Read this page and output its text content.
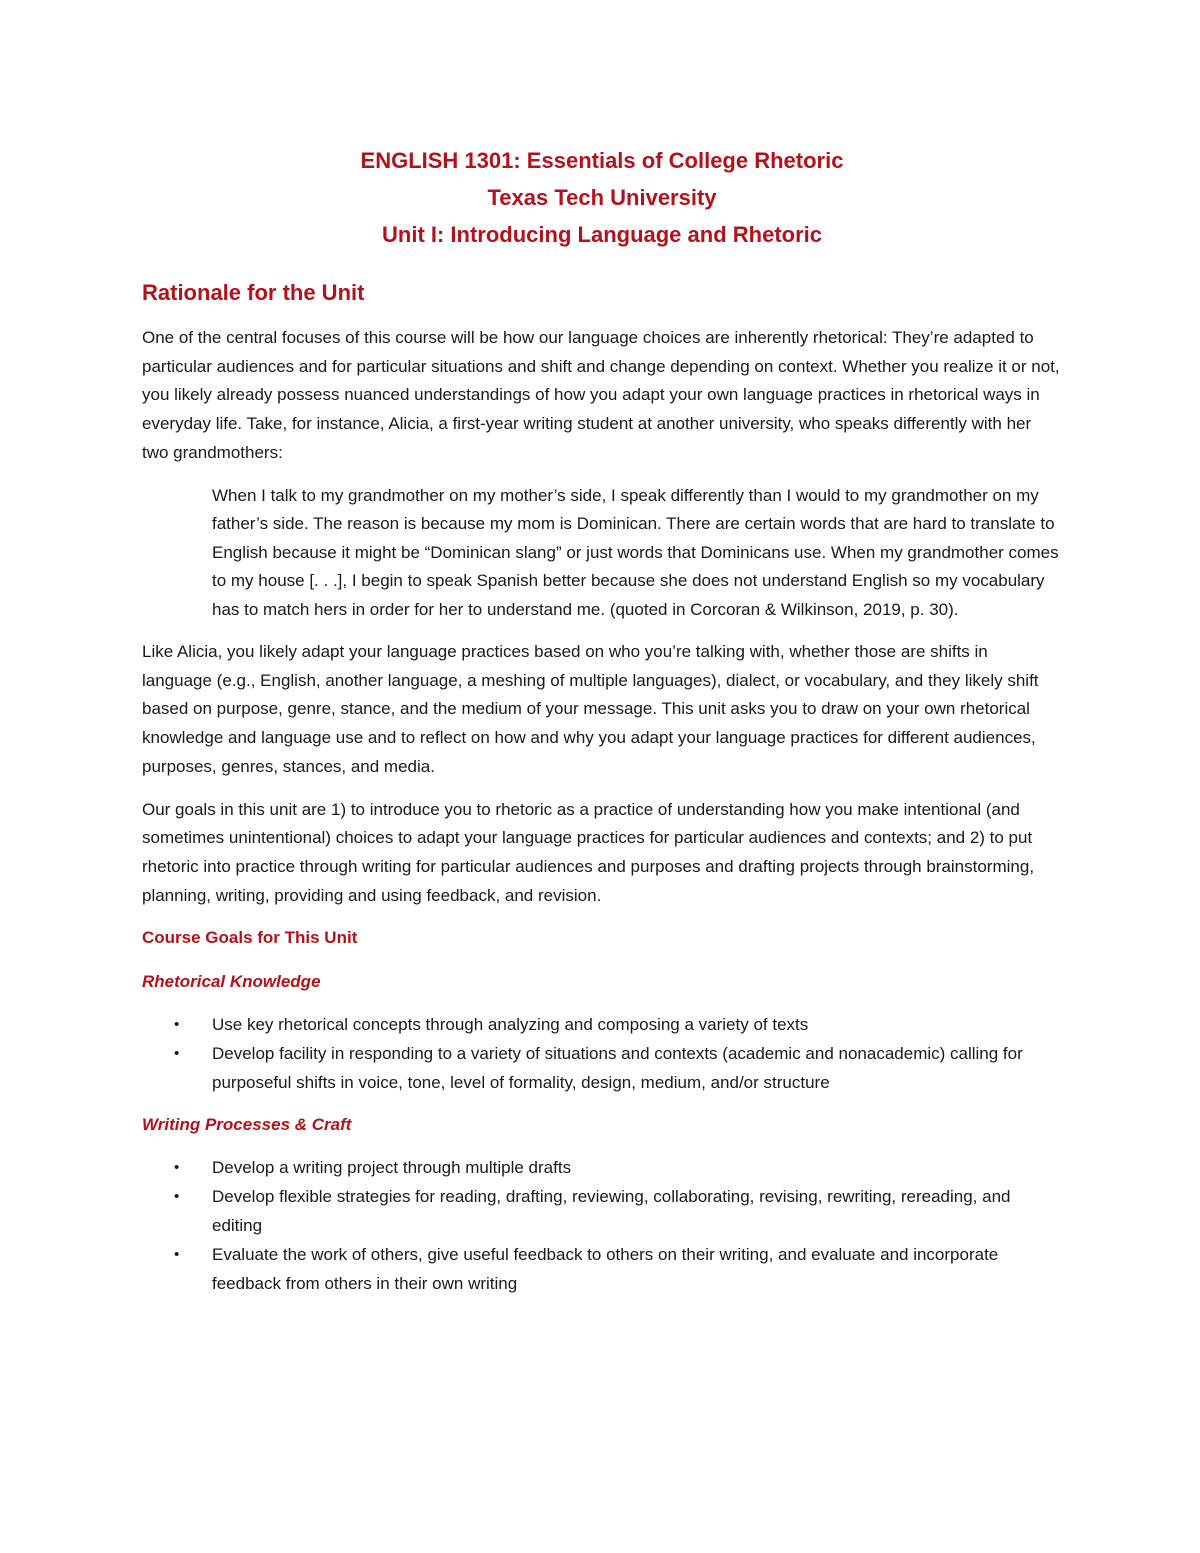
ENGLISH 1301: Essentials of College Rhetoric
Texas Tech University
Unit I: Introducing Language and Rhetoric
Rationale for the Unit

One of the central focuses of this course will be how our language choices are inherently rhetorical: They’re adapted to particular audiences and for particular situations and shift and change depending on context. Whether you realize it or not, you likely already possess nuanced understandings of how you adapt your own language practices in rhetorical ways in everyday life. Take, for instance, Alicia, a first-year writing student at another university, who speaks differently with her two grandmothers:

When I talk to my grandmother on my mother’s side, I speak differently than I would to my grandmother on my father’s side. The reason is because my mom is Dominican. There are certain words that are hard to translate to English because it might be “Dominican slang” or just words that Dominicans use. When my grandmother comes to my house [. . .], I begin to speak Spanish better because she does not understand English so my vocabulary has to match hers in order for her to understand me. (quoted in Corcoran & Wilkinson, 2019, p. 30).

Like Alicia, you likely adapt your language practices based on who you’re talking with, whether those are shifts in language (e.g., English, another language, a meshing of multiple languages), dialect, or vocabulary, and they likely shift based on purpose, genre, stance, and the medium of your message. This unit asks you to draw on your own rhetorical knowledge and language use and to reflect on how and why you adapt your language practices for different audiences, purposes, genres, stances, and media.

Our goals in this unit are 1) to introduce you to rhetoric as a practice of understanding how you make intentional (and sometimes unintentional) choices to adapt your language practices for particular audiences and contexts; and 2) to put rhetoric into practice through writing for particular audiences and purposes and drafting projects through brainstorming, planning, writing, providing and using feedback, and revision.

Course Goals for This Unit
Rhetorical Knowledge
• Use key rhetorical concepts through analyzing and composing a variety of texts
• Develop facility in responding to a variety of situations and contexts (academic and nonacademic) calling for purposeful shifts in voice, tone, level of formality, design, medium, and/or structure
Writing Processes & Craft
• Develop a writing project through multiple drafts
• Develop flexible strategies for reading, drafting, reviewing, collaborating, revising, rewriting, rereading, and editing
• Evaluate the work of others, give useful feedback to others on their writing, and evaluate and incorporate feedback from others in their own writing
